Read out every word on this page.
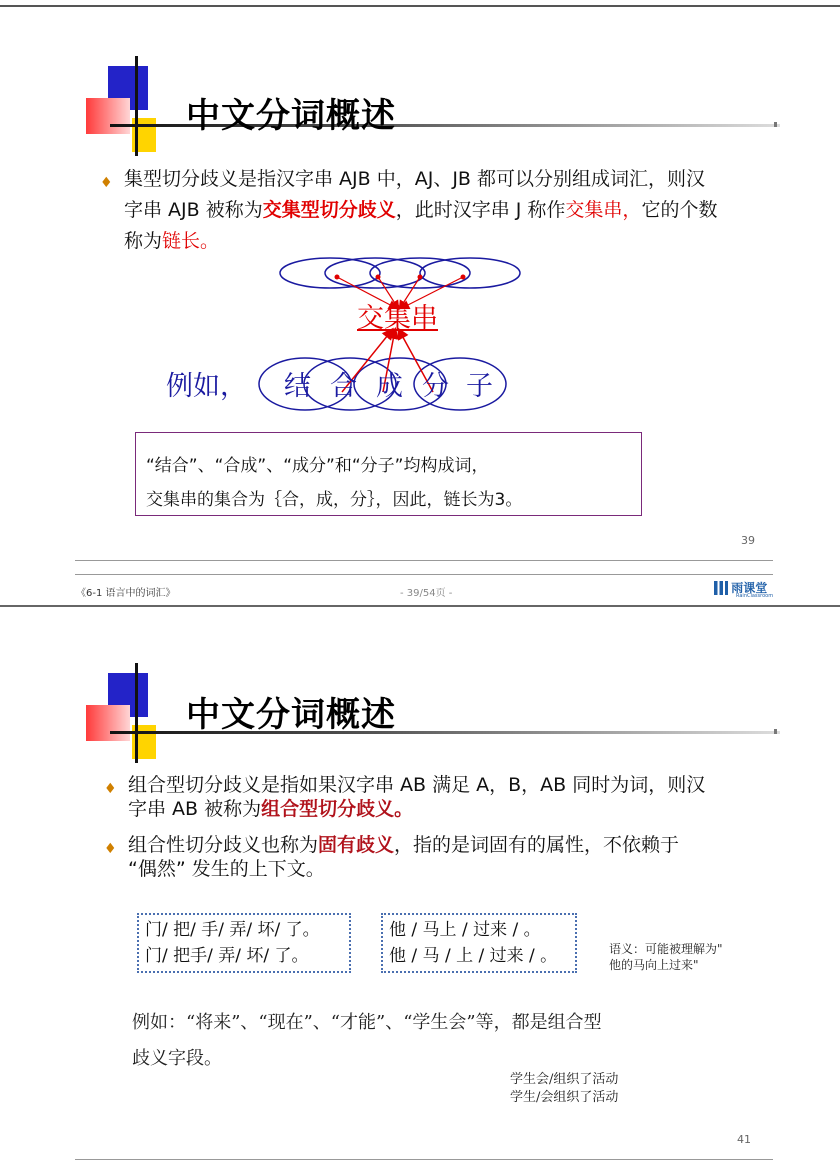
中文分词概述
♦ 集型切分歧义是指汉字串 AJB 中，AJ、JB 都可以分别组成词汇，则汉
字串 AJB 被称为交集型切分歧义，此时汉字串 J 称作交集串，它的个数
称为链长。
交集串
例如， 结 合 成 分 子
“结合”、“合成”、“成分”和“分子”均构成词，
交集串的集合为｛合，成，分｝，因此，链长为3。
39
《6-1 语言中的词汇》	- 39/54页 -	雨课堂
RainClassroom
中文分词概述
♦ 组合型切分歧义是指如果汉字串 AB 满足 A，B，AB 同时为词，则汉
字串 AB 被称为组合型切分歧义。
♦ 组合性切分歧义也称为固有歧义，指的是词固有的属性，不依赖于
“偶然” 发生的上下文。
门/ 把/ 手/ 弄/ 坏/ 了。
门/ 把手/ 弄/ 坏/ 了。
他 / 马上 / 过来 / 。
他 / 马 / 上 / 过来 / 。	语义：可能被理解为"
他的马向上过来"
例如：“将来”、“现在”、“才能”、“学生会”等，都是组合型
歧义字段。
学生会/组织了活动
学生/会组织了活动
41
